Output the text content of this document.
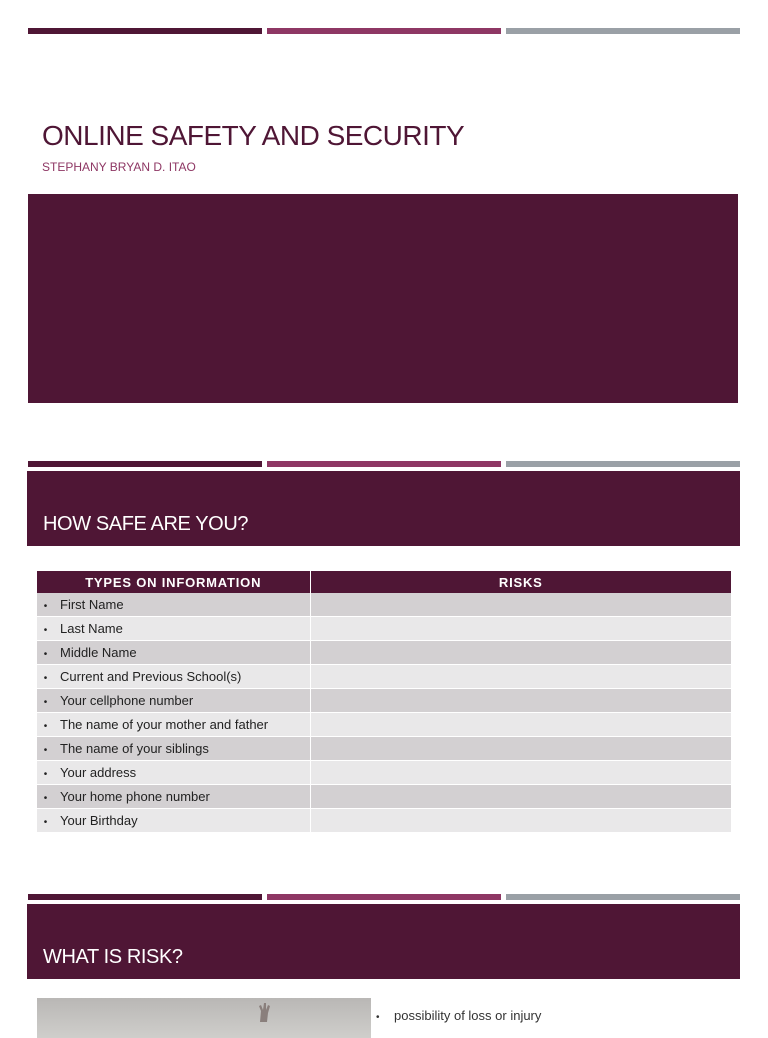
ONLINE SAFETY AND SECURITY

STEPHANY BRYAN D. ITAO

HOW SAFE ARE YOU?
TYPES ON INFORMATION	RISKS
• First Name	
• Last Name	
• Middle Name	
• Current and Previous School(s)	
• Your cellphone number	
• The name of your mother and father	
• The name of your siblings	
• Your address	
• Your home phone number	
• Your Birthday	
WHAT IS RISK?
• possibility of loss or injury
